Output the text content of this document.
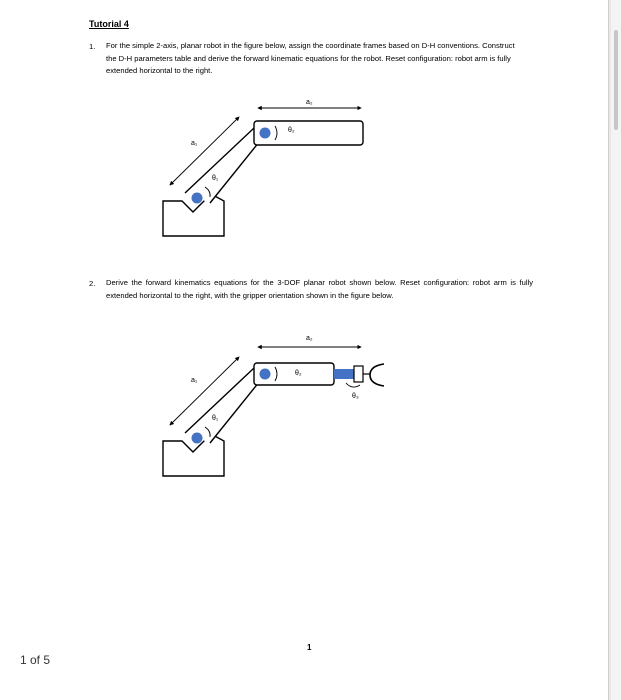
Tutorial 4
1. For the simple 2-axis, planar robot in the figure below, assign the coordinate frames based on D-H conventions. Construct the D-H parameters table and derive the forward kinematic equations for the robot. Reset configuration: robot arm is fully extended horizontal to the right.
a₁
a₂
θ₁
θ₂
2. Derive the forward kinematics equations for the 3-DOF planar robot shown below. Reset configuration: robot arm is fully extended horizontal to the right, with the gripper orientation shown in the figure below.
a₁
a₂
θ₁
θ₂
θ₃
1
1 of 5
